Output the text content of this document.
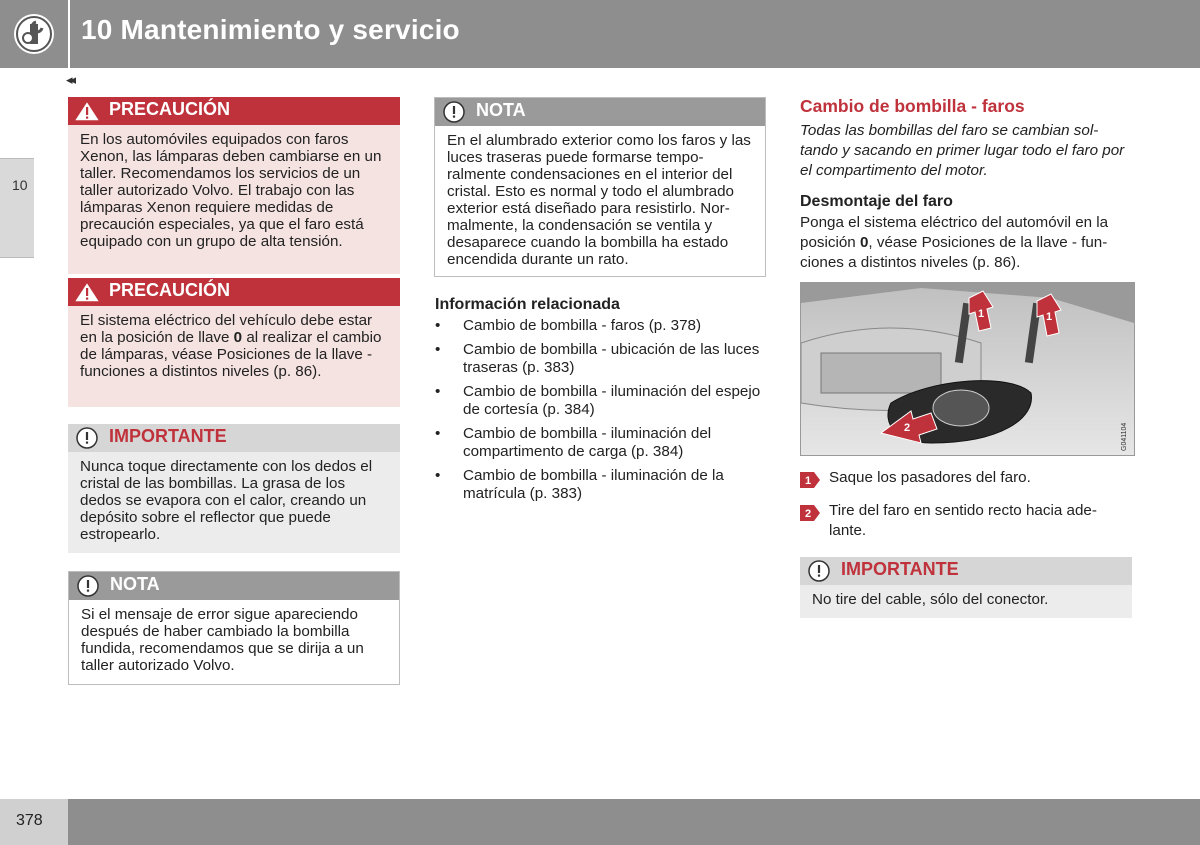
10 Mantenimiento y servicio
10
◂◂
PRECAUCIÓN
En los automóviles equipados con faros Xenon, las lámparas deben cambiarse en un taller. Recomendamos los servicios de un taller autorizado Volvo. El trabajo con las lámparas Xenon requiere medidas de precaución especiales, ya que el faro está equipado con un grupo de alta tensión.
PRECAUCIÓN
El sistema eléctrico del vehículo debe estar en la posición de llave 0 al realizar el cambio de lámparas, véase Posiciones de la llave - funciones a distintos niveles (p. 86).
IMPORTANTE
Nunca toque directamente con los dedos el cristal de las bombillas. La grasa de los dedos se evapora con el calor, creando un depósito sobre el reflector que puede estropearlo.
NOTA
Si el mensaje de error sigue apareciendo después de haber cambiado la bombilla fundida, recomendamos que se dirija a un taller autorizado Volvo.
NOTA
En el alumbrado exterior como los faros y las luces traseras puede formarse tempo-ralmente condensaciones en el interior del cristal. Esto es normal y todo el alumbrado exterior está diseñado para resistirlo. Nor-malmente, la condensación se ventila y desaparece cuando la bombilla ha estado encendida durante un rato.
Información relacionada
• Cambio de bombilla - faros (p. 378)
• Cambio de bombilla - ubicación de las luces traseras (p. 383)
• Cambio de bombilla - iluminación del espejo de cortesía (p. 384)
• Cambio de bombilla - iluminación del compartimento de carga (p. 384)
• Cambio de bombilla - iluminación de la matrícula (p. 383)
Cambio de bombilla - faros
Todas las bombillas del faro se cambian sol-tando y sacando en primer lugar todo el faro por el compartimento del motor.
Desmontaje del faro
Ponga el sistema eléctrico del automóvil en la posición 0, véase Posiciones de la llave - fun-ciones a distintos niveles (p. 86).
1	1
2	G041104
1 Saque los pasadores del faro.
2 Tire del faro en sentido recto hacia ade-lante.
IMPORTANTE
No tire del cable, sólo del conector.
378
